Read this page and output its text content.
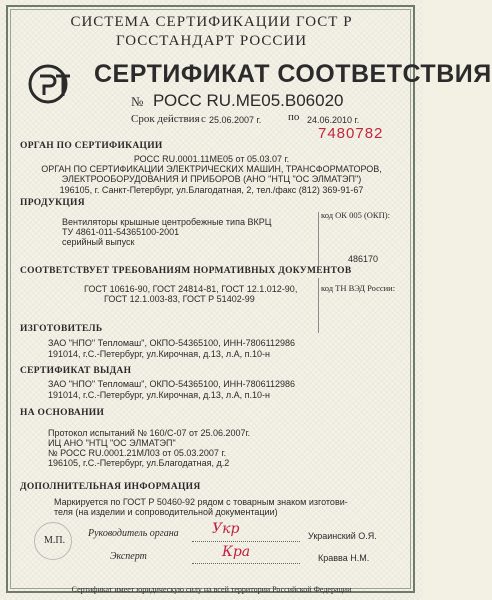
СИСТЕМА СЕРТИФИКАЦИИ ГОСТ Р
ГОССТАНДАРТ РОССИИ
СЕРТИФИКАТ СООТВЕТСТВИЯ
№ РОСС RU.ME05.B06020
Срок действия с 25.06.2007 г. по 24.06.2010 г.
7480782
ОРГАН ПО СЕРТИФИКАЦИИ
РОСС RU.0001.11ME05 от 05.03.07 г.
ОРГАН ПО СЕРТИФИКАЦИИ ЭЛЕКТРИЧЕСКИХ МАШИН, ТРАНСФОРМАТОРОВ,
ЭЛЕКТРООБОРУДОВАНИЯ И ПРИБОРОВ (АНО "НТЦ "ОС ЭЛМАТЭП")
196105, г. Санкт-Петербург, ул.Благодатная, 2, тел./факс (812) 369-91-67
ПРОДУКЦИЯ
Вентиляторы крышные центробежные типа ВКРЦ
ТУ 4861-011-54365100-2001
серийный выпуск
код ОК 005 (ОКП):
486170
СООТВЕТСТВУЕТ ТРЕБОВАНИЯМ НОРМАТИВНЫХ ДОКУМЕНТОВ
ГОСТ 10616-90, ГОСТ 24814-81, ГОСТ 12.1.012-90,
ГОСТ 12.1.003-83, ГОСТ Р 51402-99
код ТН ВЭД России:
ИЗГОТОВИТЕЛЬ
ЗАО "НПО" Тепломаш", ОКПО-54365100, ИНН-7806112986
191014, г.С.-Петербург, ул.Кирочная, д.13, л.А, п.10-н
СЕРТИФИКАТ ВЫДАН
ЗАО "НПО" Тепломаш", ОКПО-54365100, ИНН-7806112986
191014, г.С.-Петербург, ул.Кирочная, д.13, л.А, п.10-н
НА ОСНОВАНИИ
Протокол испытаний № 160/С-07 от 25.06.2007г.
ИЦ АНО "НТЦ "ОС ЭЛМАТЭП"
№ РОСС RU.0001.21МЛ03 от 05.03.2007 г.
196105, г.С.-Петербург, ул.Благодатная, д.2
ДОПОЛНИТЕЛЬНАЯ ИНФОРМАЦИЯ
Маркируется по ГОСТ Р 50460-92 рядом с товарным знаком изготови-
теля (на изделии и сопроводительной документации)
М.П.
Руководитель органа Укр	Украинский О.Я.
Эксперт	Кра	Кравва Н.М.
Сертификат имеет юридическую силу на всей территории Российской Федерации
